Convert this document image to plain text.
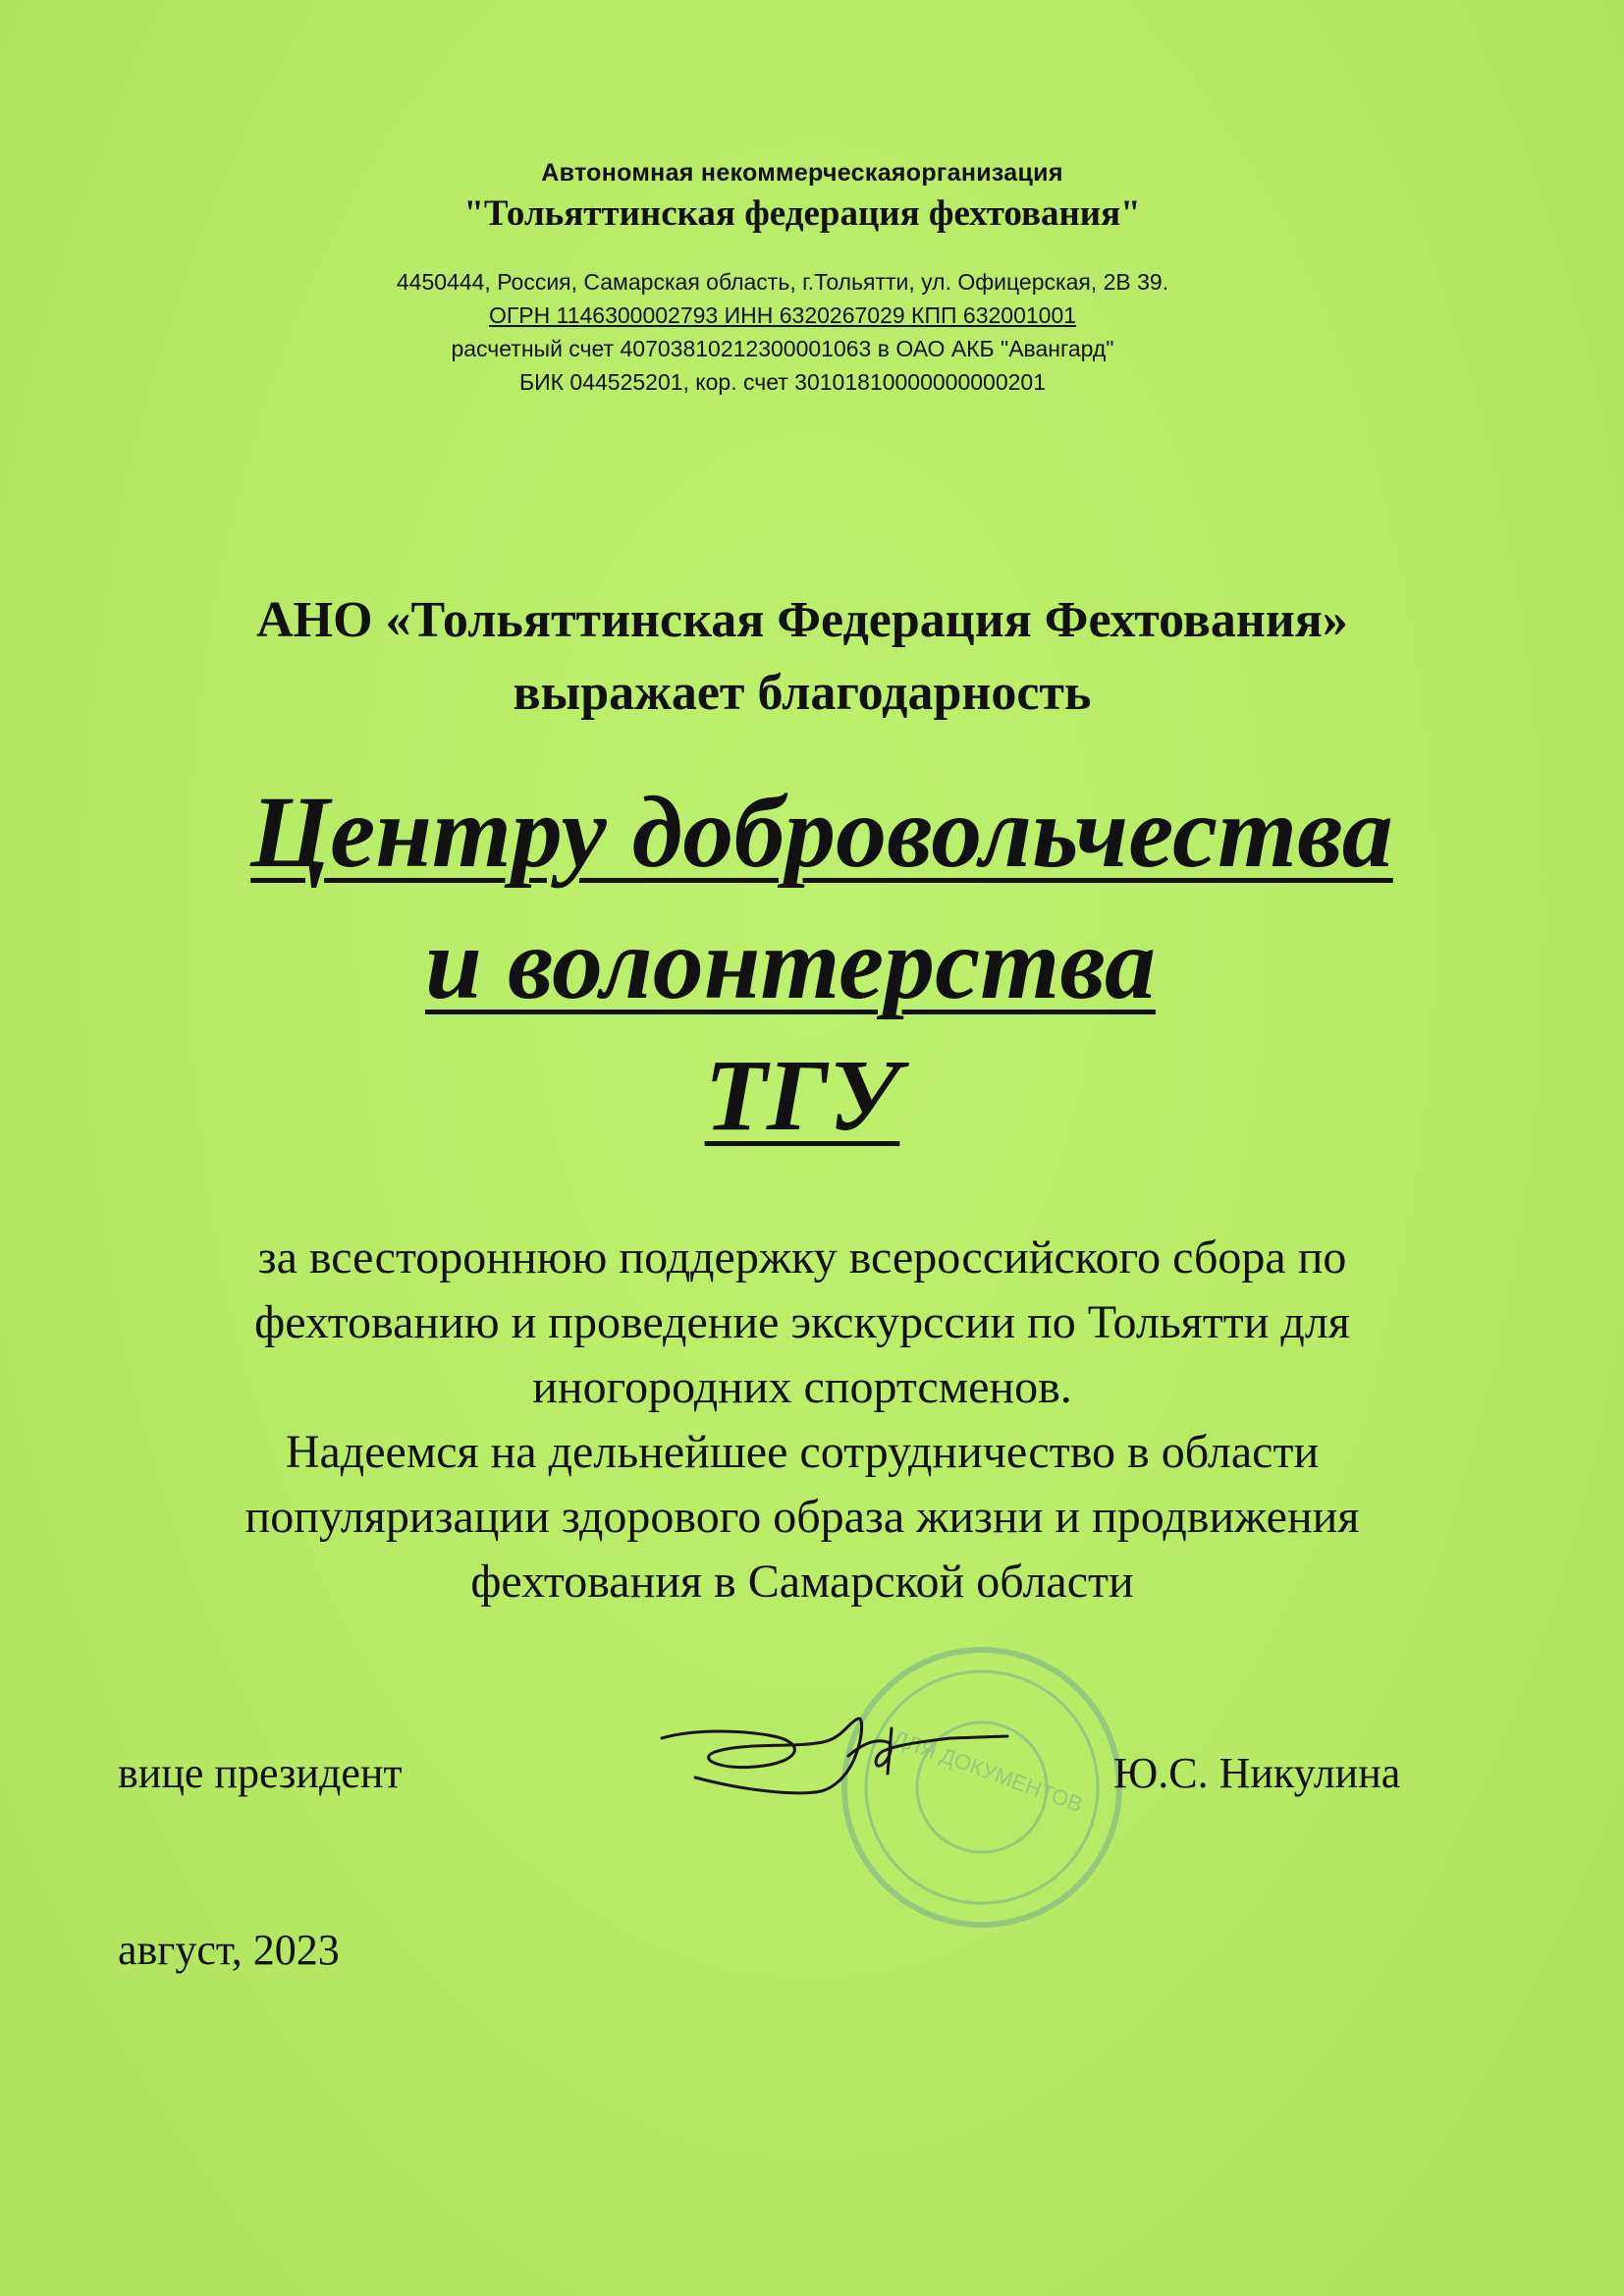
Автономная некоммерческаяорганизация
"Тольяттинская федерация фехтования"
4450444, Россия, Самарская область, г.Тольятти, ул. Офицерская, 2В 39.
ОГРН 1146300002793 ИНН 6320267029 КПП 632001001
расчетный счет 40703810212300001063 в ОАО АКБ "Авангард"
БИК 044525201, кор. счет 30101810000000000201
АНО «Тольяттинская Федерация Фехтования»
выражает благодарность
Центру добровольчества
и волонтерства
ТГУ
за всестороннюю поддержку всероссийского сбора по
фехтованию и проведение экскурссии по Тольятти для
иногородних спортсменов.
Надеемся на дельнейшее сотрудничество в области
популяризации здорового образа жизни и продвижения
фехтования в Самарской области
ДЛЯ ДОКУМЕНТОВ
вице президент	Ю.С. Никулина
август, 2023
